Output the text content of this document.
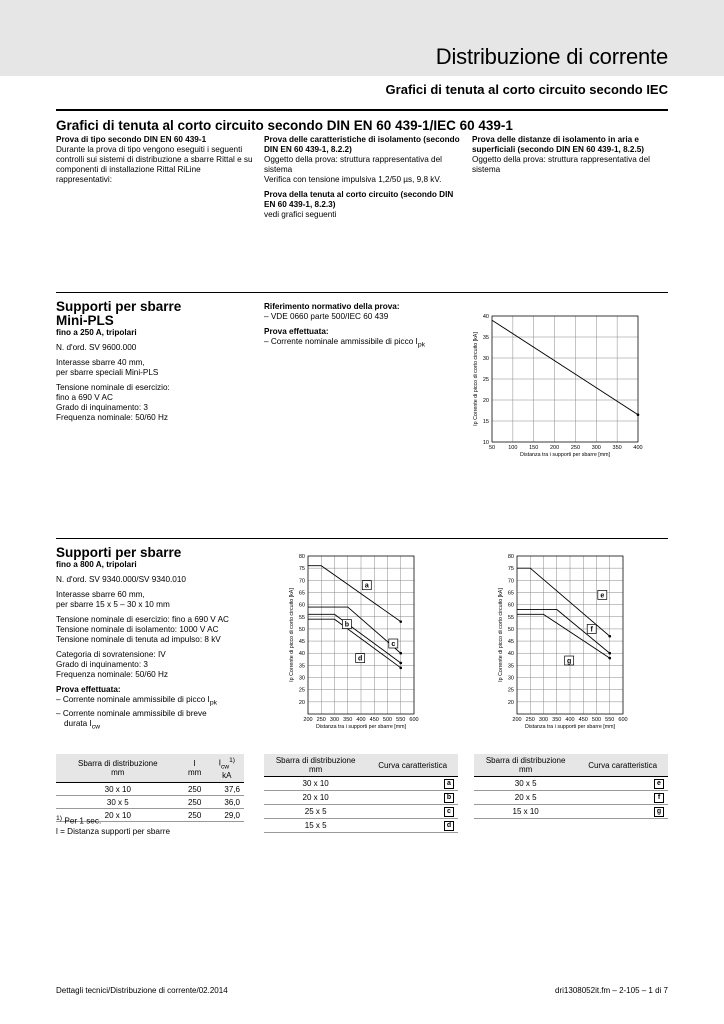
Distribuzione di corrente
Grafici di tenuta al corto circuito secondo IEC
Grafici di tenuta al corto circuito secondo DIN EN 60 439-1/IEC 60 439-1
Prova di tipo secondo DIN EN 60 439-1
Durante la prova di tipo vengono eseguiti i seguenti controlli sui sistemi di distribuzione a sbarre Rittal e su componenti di installazione Rittal RiLine rappresentativi:
Prova delle caratteristiche di isolamento (secondo DIN EN 60 439-1, 8.2.2)
Oggetto della prova: struttura rappresentativa del sistema
Verifica con tensione impulsiva 1,2/50 µs, 9,8 kV.
Prova della tenuta al corto circuito (secondo DIN EN 60 439-1, 8.2.3)
vedi grafici seguenti
Prova delle distanze di isolamento in aria e superficiali (secondo DIN EN 60 439-1, 8.2.5)
Oggetto della prova: struttura rappresentativa del sistema
Supporti per sbarre
Mini-PLS

fino a 250 A, tripolari

N. d'ord. SV 9600.000

Interasse sbarre 40 mm,
per sbarre speciali Mini-PLS

Tensione nominale di esercizio:
fino a 690 V AC
Grado di inquinamento: 3
Frequenza nominale: 50/60 Hz

Riferimento normativo della prova:
– VDE 0660 parte 500/IEC 60 439
Prova effettuata:
– Corrente nominale ammissibile di picco $I_{pk}$
10
15
20
25
30
35
40
50 100 150 200 250 300 350 400
Distanza tra i supporti per sbarre [mm]
Ip Corrente di picco di corto circuito [kA]
Supporti per sbarre

fino a 800 A, tripolari

N. d'ord. SV 9340.000/SV 9340.010

Interasse sbarre 60 mm,
per sbarre 15 x 5 – 30 x 10 mm

Tensione nominale di esercizio: fino a 690 V AC
Tensione nominale di isolamento: 1000 V AC
Tensione nominale di tenuta ad impulso: 8 kV

Categoria di sovratensione: IV
Grado di inquinamento: 3
Frequenza nominale: 50/60 Hz

Prova effettuata:
– Corrente nominale ammissibile di picco $I_{pk}$
– Corrente nominale ammissibile di breve
durata $I_{cw}$
20
25
30
35
40
45
50
55
60
65
70
75
80
200 250 300 350 400 450 500 550 600
Distanza tra i supporti per sbarre [mm]
Ip Corrente di picco di corto circuito [kA]
a
b
c
d
20
25
30
35
40
45
50
55
60
65
70
75
80
200 250 300 350 400 450 500 550 600
Distanza tra i supporti per sbarre [mm]
Ip Corrente di picco di corto circuito [kA]	e
f
g
Sbarra di distribuzione
mm	I
mm	$I_{cw}^{1)}$
kA
30 x 10	250	37,6
30 x 5	250	36,0
20 x 10	250	29,0
$^{1)}$ Per 1 sec.
l = Distanza supporti per sbarre
Sbarra di distribuzione
mm	Curva caratteristica
30 x 10	a
20 x 10	b
25 x 5	c
15 x 5	d
Sbarra di distribuzione
mm	Curva caratteristica
30 x 5	e
20 x 5	f
15 x 10	g
Dettagli tecnici/Distribuzione di corrente/02.2014	dri1308052it.fm – 2-105 – 1 di 7
